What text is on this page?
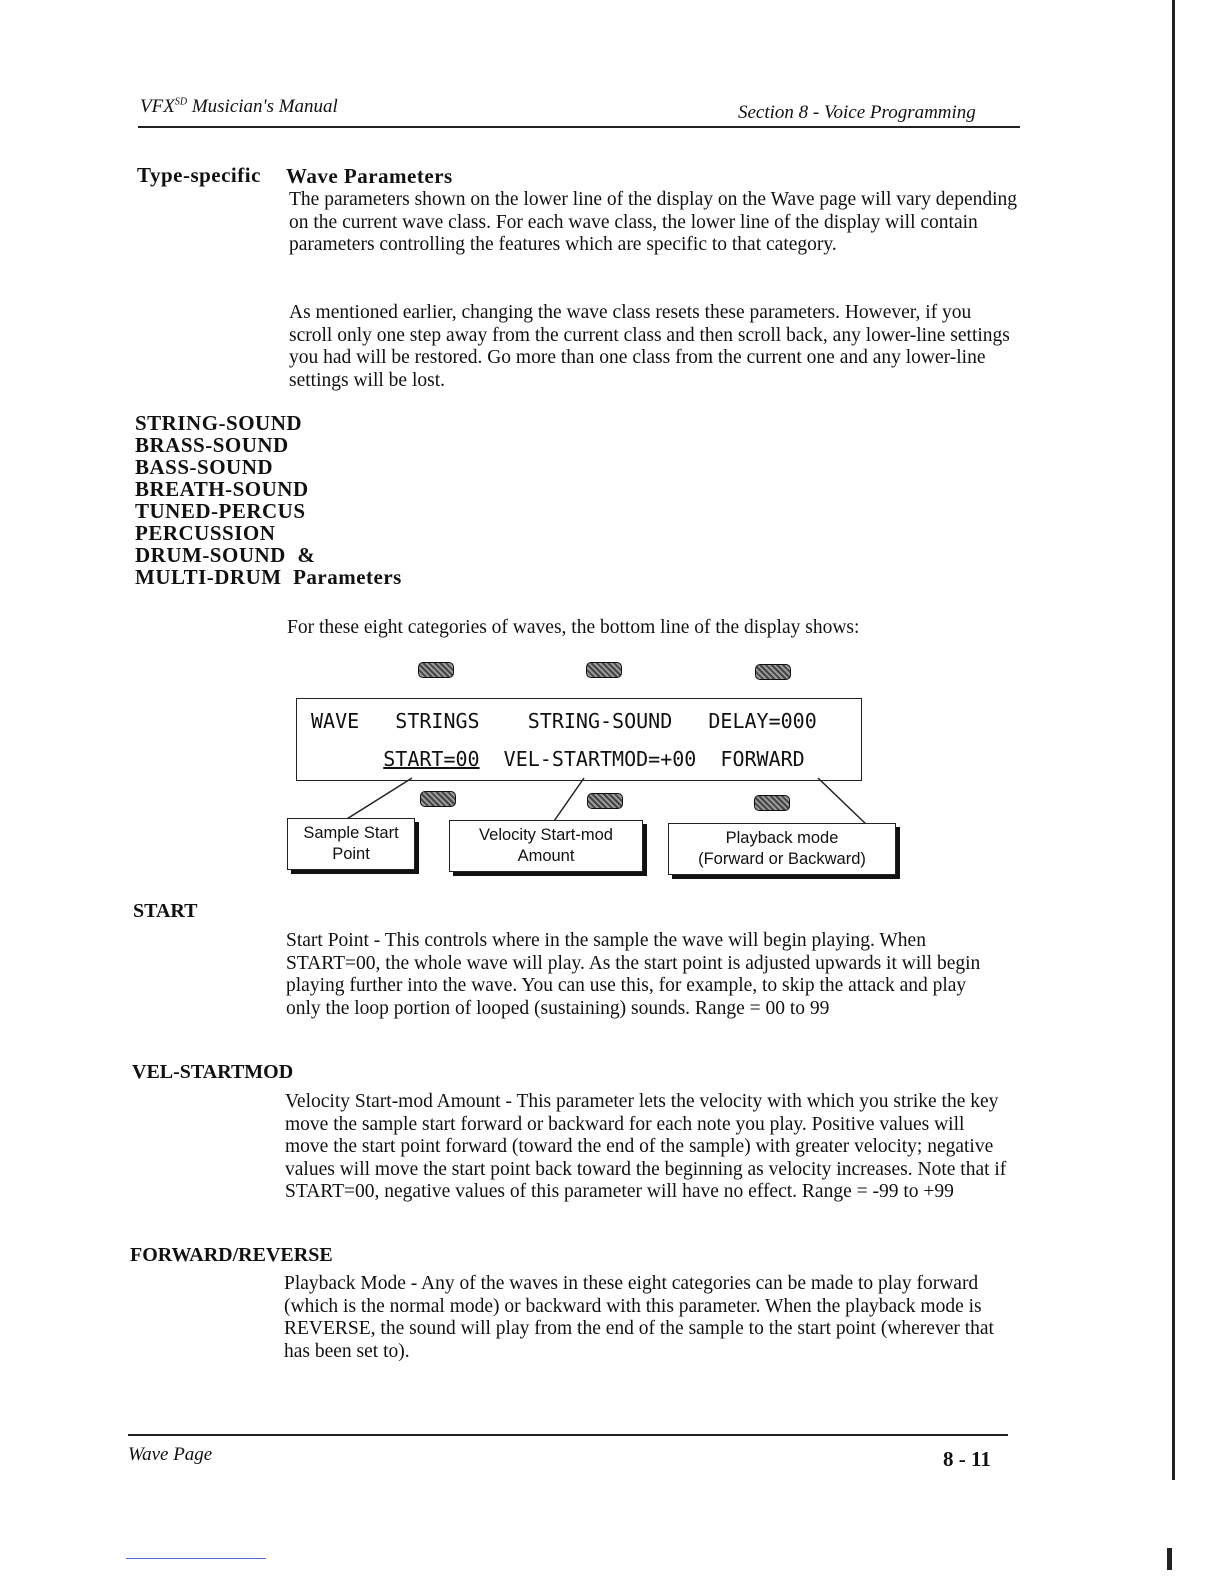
$VFX^{SD}$ Musician's Manual	Section 8 - Voice Programming
Type-specific Wave Parameters

The parameters shown on the lower line of the display on the Wave page will vary depending on the current wave class. For each wave class, the lower line of the display will contain parameters controlling the features which are specific to that category.

As mentioned earlier, changing the wave class resets these parameters. However, if you scroll only one step away from the current class and then scroll back, any lower-line settings you had will be restored. Go more than one class from the current one and any lower-line settings will be lost.

STRING-SOUND
BRASS-SOUND
BASS-SOUND
BREATH-SOUND
TUNED-PERCUS
PERCUSSION
DRUM-SOUND  &
MULTI-DRUM Parameters

For these eight categories of waves, the bottom line of the display shows:

WAVE STRINGS STRING-SOUND DELAY=000

START=00 VEL-STARTMOD=+00 FORWARD

Sample Start
Point
Velocity Start-mod
Amount
Playback mode
(Forward or Backward)
START

Start Point - This controls where in the sample the wave will begin playing. When START=00, the whole wave will play. As the start point is adjusted upwards it will begin playing further into the wave. You can use this, for example, to skip the attack and play only the loop portion of looped (sustaining) sounds. Range = 00 to 99

VEL-STARTMOD

Velocity Start-mod Amount - This parameter lets the velocity with which you strike the key move the sample start forward or backward for each note you play. Positive values will move the start point forward (toward the end of the sample) with greater velocity; negative values will move the start point back toward the beginning as velocity increases. Note that if START=00, negative values of this parameter will have no effect. Range = -99 to +99

FORWARD/REVERSE

Playback Mode - Any of the waves in these eight categories can be made to play forward (which is the normal mode) or backward with this parameter. When the playback mode is REVERSE, the sound will play from the end of the sample to the start point (wherever that has been set to).

Wave Page	8 - 11
